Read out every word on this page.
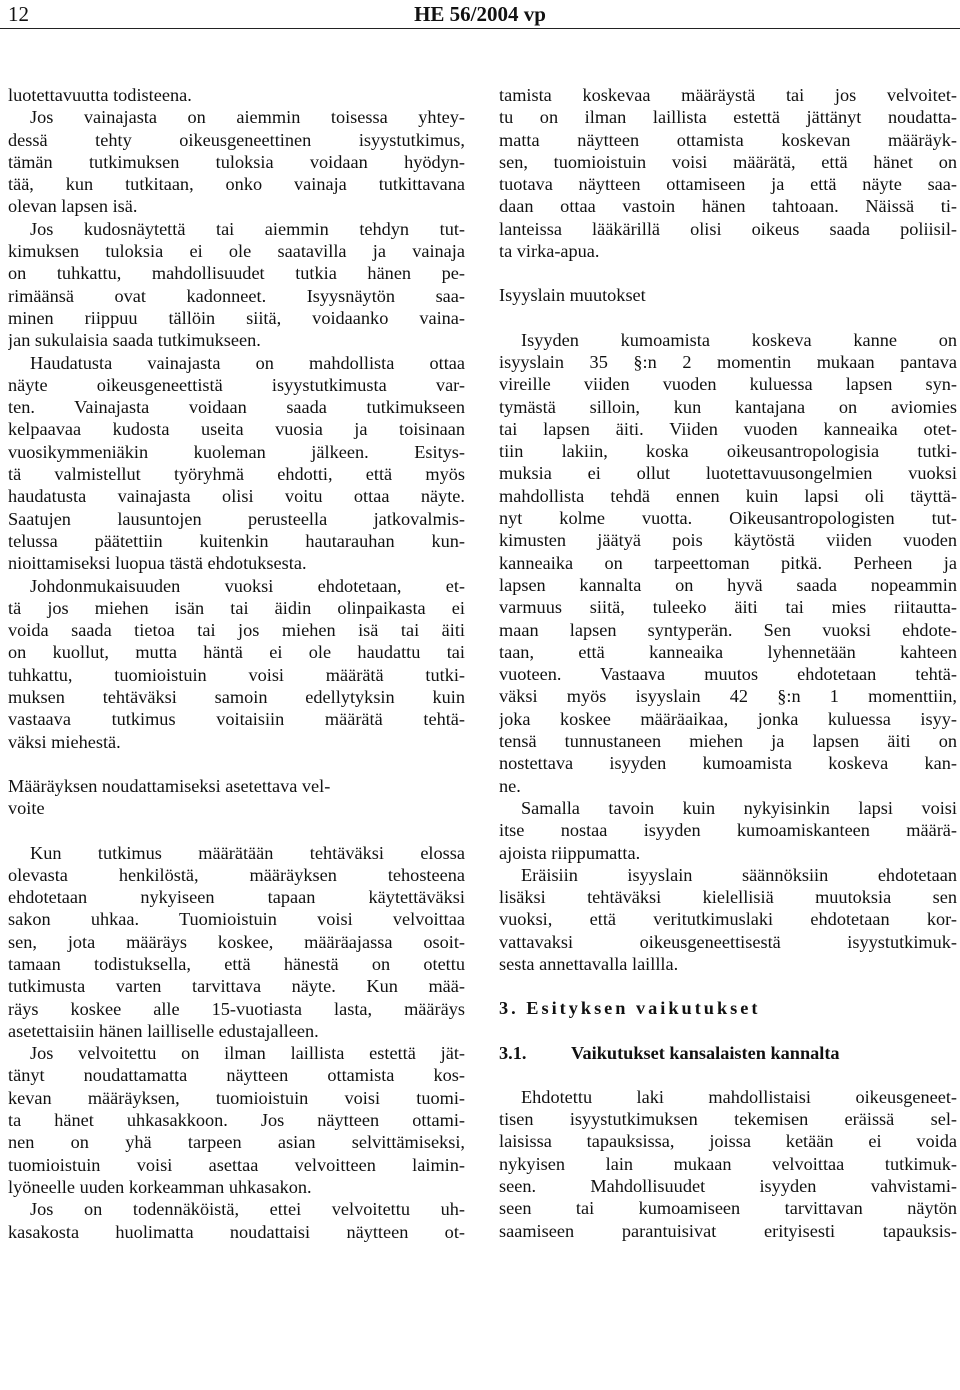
12	HE 56/2004 vp
luotettavuutta todisteena.
Jos vainajasta on aiemmin toisessa yhtey-
dessä tehty oikeusgeneettinen isyystutkimus,
tämän tutkimuksen tuloksia voidaan hyödyn-
tää, kun tutkitaan, onko vainaja tutkittavana
olevan lapsen isä.
Jos kudosnäytettä tai aiemmin tehdyn tut-
kimuksen tuloksia ei ole saatavilla ja vainaja
on tuhkattu, mahdollisuudet tutkia hänen pe-
rimäänsä ovat kadonneet. Isyysnäytön saa-
minen riippuu tällöin siitä, voidaanko vaina-
jan sukulaisia saada tutkimukseen.
Haudatusta vainajasta on mahdollista ottaa
näyte oikeusgeneettistä isyystutkimusta var-
ten. Vainajasta voidaan saada tutkimukseen
kelpaavaa kudosta useita vuosia ja toisinaan
vuosikymmeniäkin kuoleman jälkeen. Esitys-
tä valmistellut työryhmä ehdotti, että myös
haudatusta vainajasta olisi voitu ottaa näyte.
Saatujen lausuntojen perusteella jatkovalmis-
telussa päätettiin kuitenkin hautarauhan kun-
nioittamiseksi luopua tästä ehdotuksesta.
Johdonmukaisuuden vuoksi ehdotetaan, et-
tä jos miehen isän tai äidin olinpaikasta ei
voida saada tietoa tai jos miehen isä tai äiti
on kuollut, mutta häntä ei ole haudattu tai
tuhkattu, tuomioistuin voisi määrätä tutki-
muksen tehtäväksi samoin edellytyksin kuin
vastaava tutkimus voitaisiin määrätä tehtä-
väksi miehestä.
Määräyksen noudattamiseksi asetettava vel-
voite
Kun tutkimus määrätään tehtäväksi elossa
olevasta henkilöstä, määräyksen tehosteena
ehdotetaan nykyiseen tapaan käytettäväksi
sakon uhkaa. Tuomioistuin voisi velvoittaa
sen, jota määräys koskee, määräajassa osoit-
tamaan todistuksella, että hänestä on otettu
tutkimusta varten tarvittava näyte. Kun mää-
räys koskee alle 15-vuotiasta lasta, määräys
asetettaisiin hänen lailliselle edustajalleen.
Jos velvoitettu on ilman laillista estettä jät-
tänyt noudattamatta näytteen ottamista kos-
kevan määräyksen, tuomioistuin voisi tuomi-
ta hänet uhkasakkoon. Jos näytteen ottami-
nen on yhä tarpeen asian selvittämiseksi,
tuomioistuin voisi asettaa velvoitteen laimin-
lyöneelle uuden korkeamman uhkasakon.
Jos on todennäköistä, ettei velvoitettu uh-
kasakosta huolimatta noudattaisi näytteen ot-
tamista koskevaa määräystä tai jos velvoitet-
tu on ilman laillista estettä jättänyt noudatta-
matta näytteen ottamista koskevan määräyk-
sen, tuomioistuin voisi määrätä, että hänet on
tuotava näytteen ottamiseen ja että näyte saa-
daan ottaa vastoin hänen tahtoaan. Näissä ti-
lanteissa lääkärillä olisi oikeus saada poliisil-
ta virka-apua.
Isyyslain muutokset
Isyyden kumoamista koskeva kanne on
isyyslain 35 §:n 2 momentin mukaan pantava
vireille viiden vuoden kuluessa lapsen syn-
tymästä silloin, kun kantajana on aviomies
tai lapsen äiti. Viiden vuoden kanneaika otet-
tiin lakiin, koska oikeusantropologisia tutki-
muksia ei ollut luotettavuusongelmien vuoksi
mahdollista tehdä ennen kuin lapsi oli täyttä-
nyt kolme vuotta. Oikeusantropologisten tut-
kimusten jäätyä pois käytöstä viiden vuoden
kanneaika on tarpeettoman pitkä. Perheen ja
lapsen kannalta on hyvä saada nopeammin
varmuus siitä, tuleeko äiti tai mies riitautta-
maan lapsen syntyperän. Sen vuoksi ehdote-
taan, että kanneaika lyhennetään kahteen
vuoteen. Vastaava muutos ehdotetaan tehtä-
väksi myös isyyslain 42 §:n 1 momenttiin,
joka koskee määräaikaa, jonka kuluessa isyy-
tensä tunnustaneen miehen ja lapsen äiti on
nostettava isyyden kumoamista koskeva kan-
ne.
Samalla tavoin kuin nykyisinkin lapsi voisi
itse nostaa isyyden kumoamiskanteen määrä-
ajoista riippumatta.
Eräisiin isyyslain säännöksiin ehdotetaan
lisäksi tehtäväksi kielellisiä muutoksia sen
vuoksi, että veritutkimuslaki ehdotetaan kor-
vattavaksi oikeusgeneettisestä isyystutkimuk-
sesta annettavalla laillla.
3. Esityksen vaikutukset
3.1. Vaikutukset kansalaisten kannalta
Ehdotettu laki mahdollistaisi oikeusgeneet-
tisen isyystutkimuksen tekemisen eräissä sel-
laisissa tapauksissa, joissa ketään ei voida
nykyisen lain mukaan velvoittaa tutkimuk-
seen. Mahdollisuudet isyyden vahvistami-
seen tai kumoamiseen tarvittavan näytön
saamiseen parantuisivat erityisesti tapauksis-
